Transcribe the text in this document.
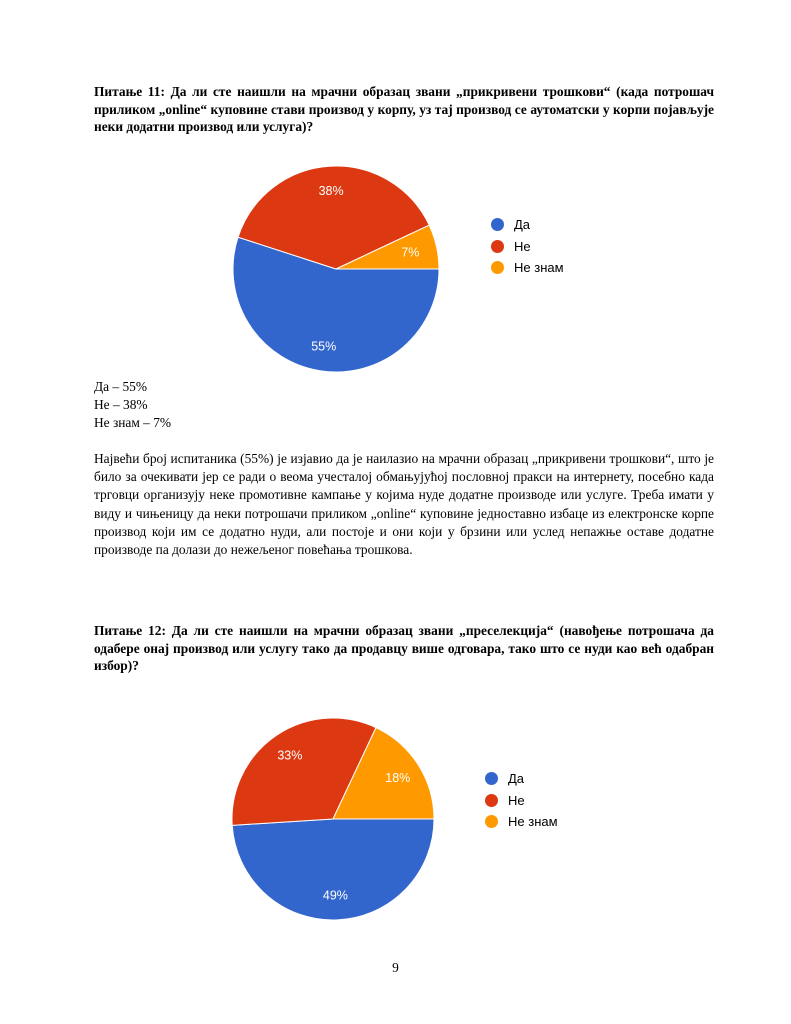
Питање 11: Да ли сте наишли на мрачни образац звани „прикривени трошкови“ (када потрошач приликом „online“ куповине стави производ у корпу, уз тај производ се аутоматски у корпи појављује неки додатни производ или услуга)?
55%
38%
7%
Да
Не
Не знам
Да – 55%
Не – 38%
Не знам – 7%
Највећи број испитаника (55%) је изјавио да је наилазио на мрачни образац „прикривени трошкови“, што је било за очекивати јер се ради о веома учесталој обмањујућој пословној пракси на интернету, посебно када трговци организују неке промотивне кампање у којима нуде додатне производе или услуге. Треба имати у виду и чињеницу да неки потрошачи приликом „online“ куповине једноставно избаце из електронске корпе производ који им се додатно нуди, али постоје и они који у брзини или услед непажње оставе додатне производе па долази до нежељеног повећања трошкова.
Питање 12: Да ли сте наишли на мрачни образац звани „преселекција“ (навођење потрошача да одабере онај производ или услугу тако да продавцу више одговара, тако што се нуди као већ одабран избор)?
49%
33%
18%	Да
Не
Не знам
9
